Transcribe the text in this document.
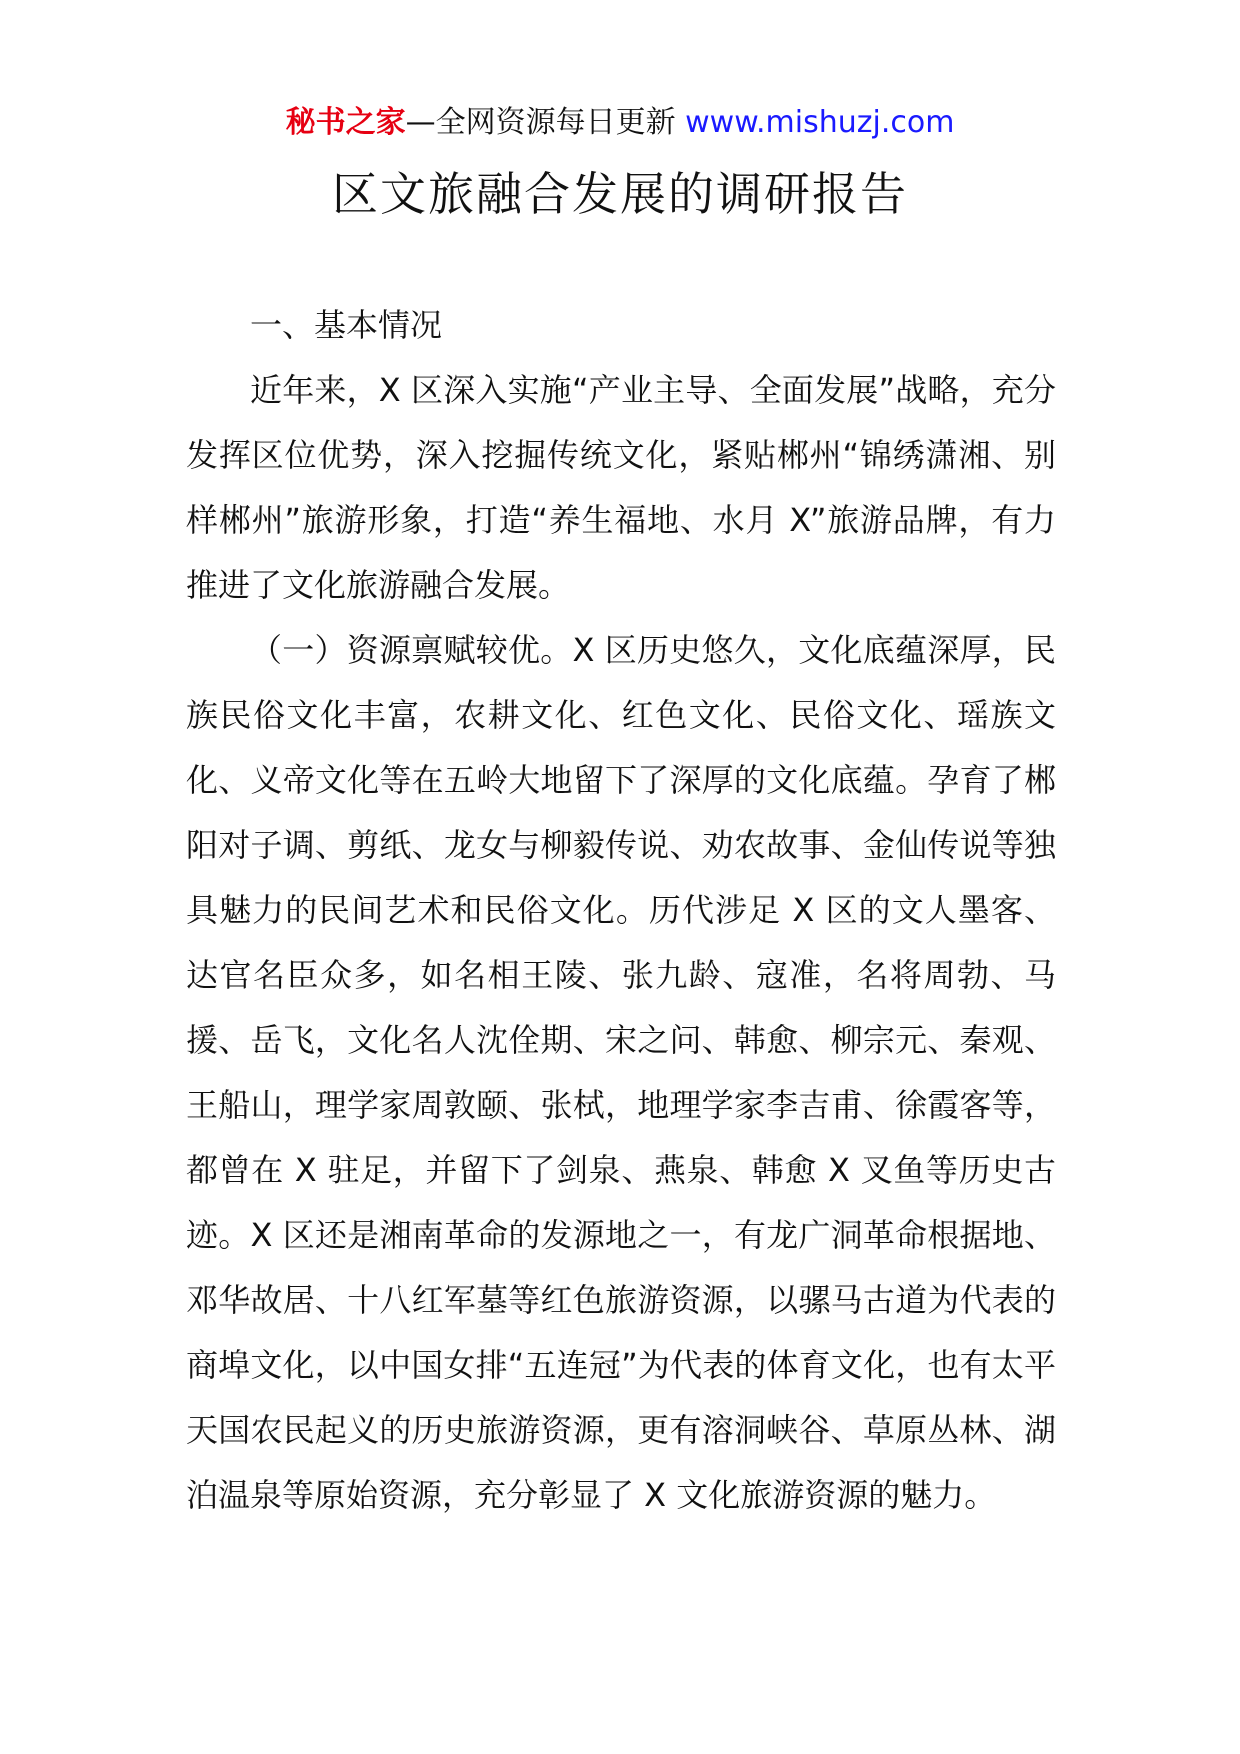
秘书之家—全网资源每日更新 www.mishuzj.com
区文旅融合发展的调研报告

一、基本情况

近年来，X 区深入实施“产业主导、全面发展”战略，充分发挥区位优势，深入挖掘传统文化，紧贴郴州“锦绣潇湘、别样郴州”旅游形象，打造“养生福地、水月 X”旅游品牌，有力推进了文化旅游融合发展。

（一）资源禀赋较优。X 区历史悠久，文化底蕴深厚，民族民俗文化丰富，农耕文化、红色文化、民俗文化、瑶族文化、义帝文化等在五岭大地留下了深厚的文化底蕴。孕育了郴阳对子调、剪纸、龙女与柳毅传说、劝农故事、金仙传说等独具魅力的民间艺术和民俗文化。历代涉足 X 区的文人墨客、达官名臣众多，如名相王陵、张九龄、寇准，名将周勃、马援、岳飞，文化名人沈佺期、宋之问、韩愈、柳宗元、秦观、王船山，理学家周敦颐、张栻，地理学家李吉甫、徐霞客等，都曾在 X 驻足，并留下了剑泉、燕泉、韩愈 X 叉鱼等历史古迹。X 区还是湘南革命的发源地之一，有龙广洞革命根据地、邓华故居、十八红军墓等红色旅游资源，以骡马古道为代表的商埠文化，以中国女排“五连冠”为代表的体育文化，也有太平天国农民起义的历史旅游资源，更有溶洞峡谷、草原丛林、湖泊温泉等原始资源，充分彰显了 X 文化旅游资源的魅力。
